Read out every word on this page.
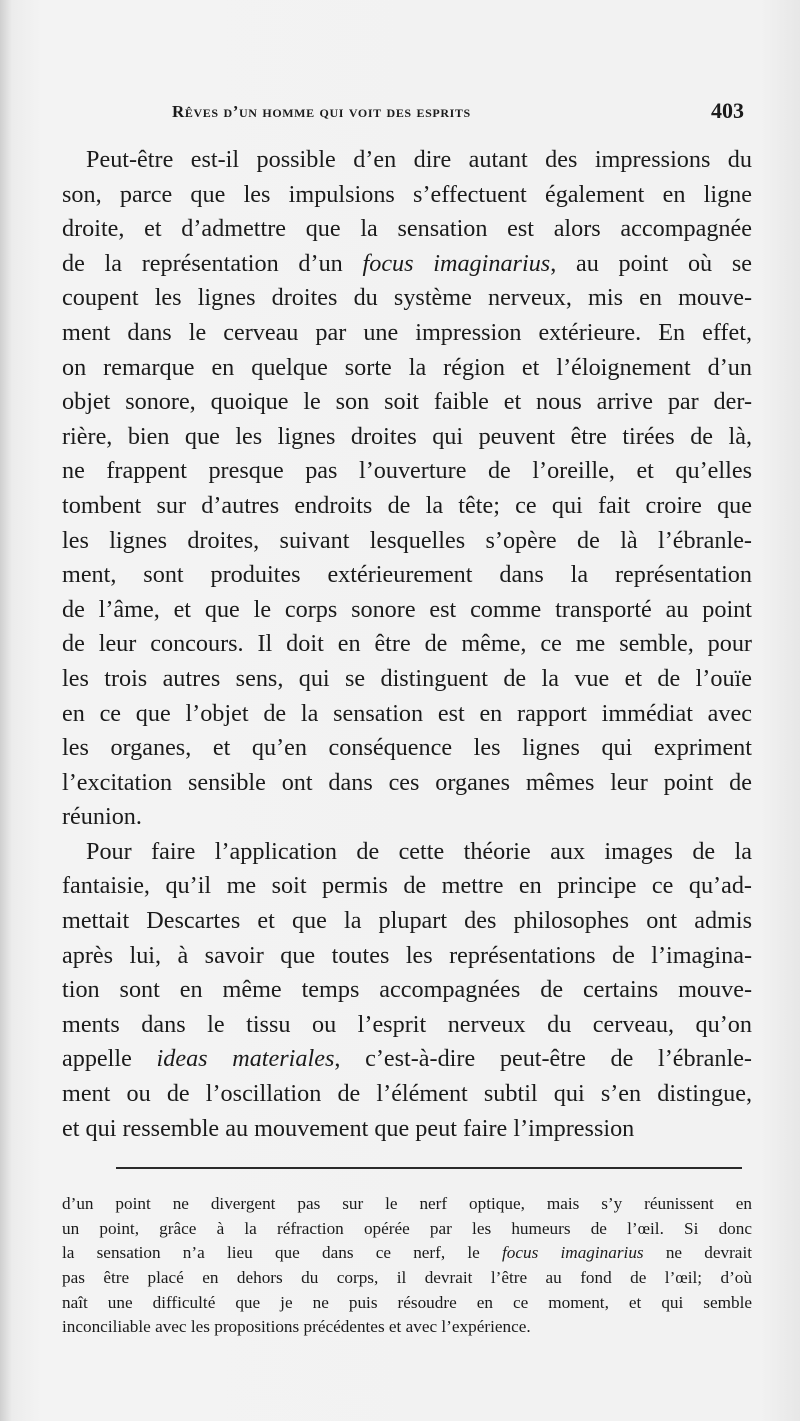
Rêves d’un homme qui voit des esprits	403
Peut-être est-il possible d’en dire autant des impressions du
son, parce que les impulsions s’effectuent également en ligne
droite, et d’admettre que la sensation est alors accompagnée
de la représentation d’un focus imaginarius, au point où se
coupent les lignes droites du système nerveux, mis en mouve-
ment dans le cerveau par une impression extérieure. En effet,
on remarque en quelque sorte la région et l’éloignement d’un
objet sonore, quoique le son soit faible et nous arrive par der-
rière, bien que les lignes droites qui peuvent être tirées de là,
ne frappent presque pas l’ouverture de l’oreille, et qu’elles
tombent sur d’autres endroits de la tête; ce qui fait croire que
les lignes droites, suivant lesquelles s’opère de là l’ébranle-
ment, sont produites extérieurement dans la représentation
de l’âme, et que le corps sonore est comme transporté au point
de leur concours. Il doit en être de même, ce me semble, pour
les trois autres sens, qui se distinguent de la vue et de l’ouïe
en ce que l’objet de la sensation est en rapport immédiat avec
les organes, et qu’en conséquence les lignes qui expriment
l’excitation sensible ont dans ces organes mêmes leur point de
réunion.
Pour faire l’application de cette théorie aux images de la
fantaisie, qu’il me soit permis de mettre en principe ce qu’ad-
mettait Descartes et que la plupart des philosophes ont admis
après lui, à savoir que toutes les représentations de l’imagina-
tion sont en même temps accompagnées de certains mouve-
ments dans le tissu ou l’esprit nerveux du cerveau, qu’on
appelle ideas materiales, c’est-à-dire peut-être de l’ébranle-
ment ou de l’oscillation de l’élément subtil qui s’en distingue,
et qui ressemble au mouvement que peut faire l’impression
d’un point ne divergent pas sur le nerf optique, mais s’y réunissent en
un point, grâce à la réfraction opérée par les humeurs de l’œil. Si donc
la sensation n’a lieu que dans ce nerf, le focus imaginarius ne devrait
pas être placé en dehors du corps, il devrait l’être au fond de l’œil; d’où
naît une difficulté que je ne puis résoudre en ce moment, et qui semble
inconciliable avec les propositions précédentes et avec l’expérience.
